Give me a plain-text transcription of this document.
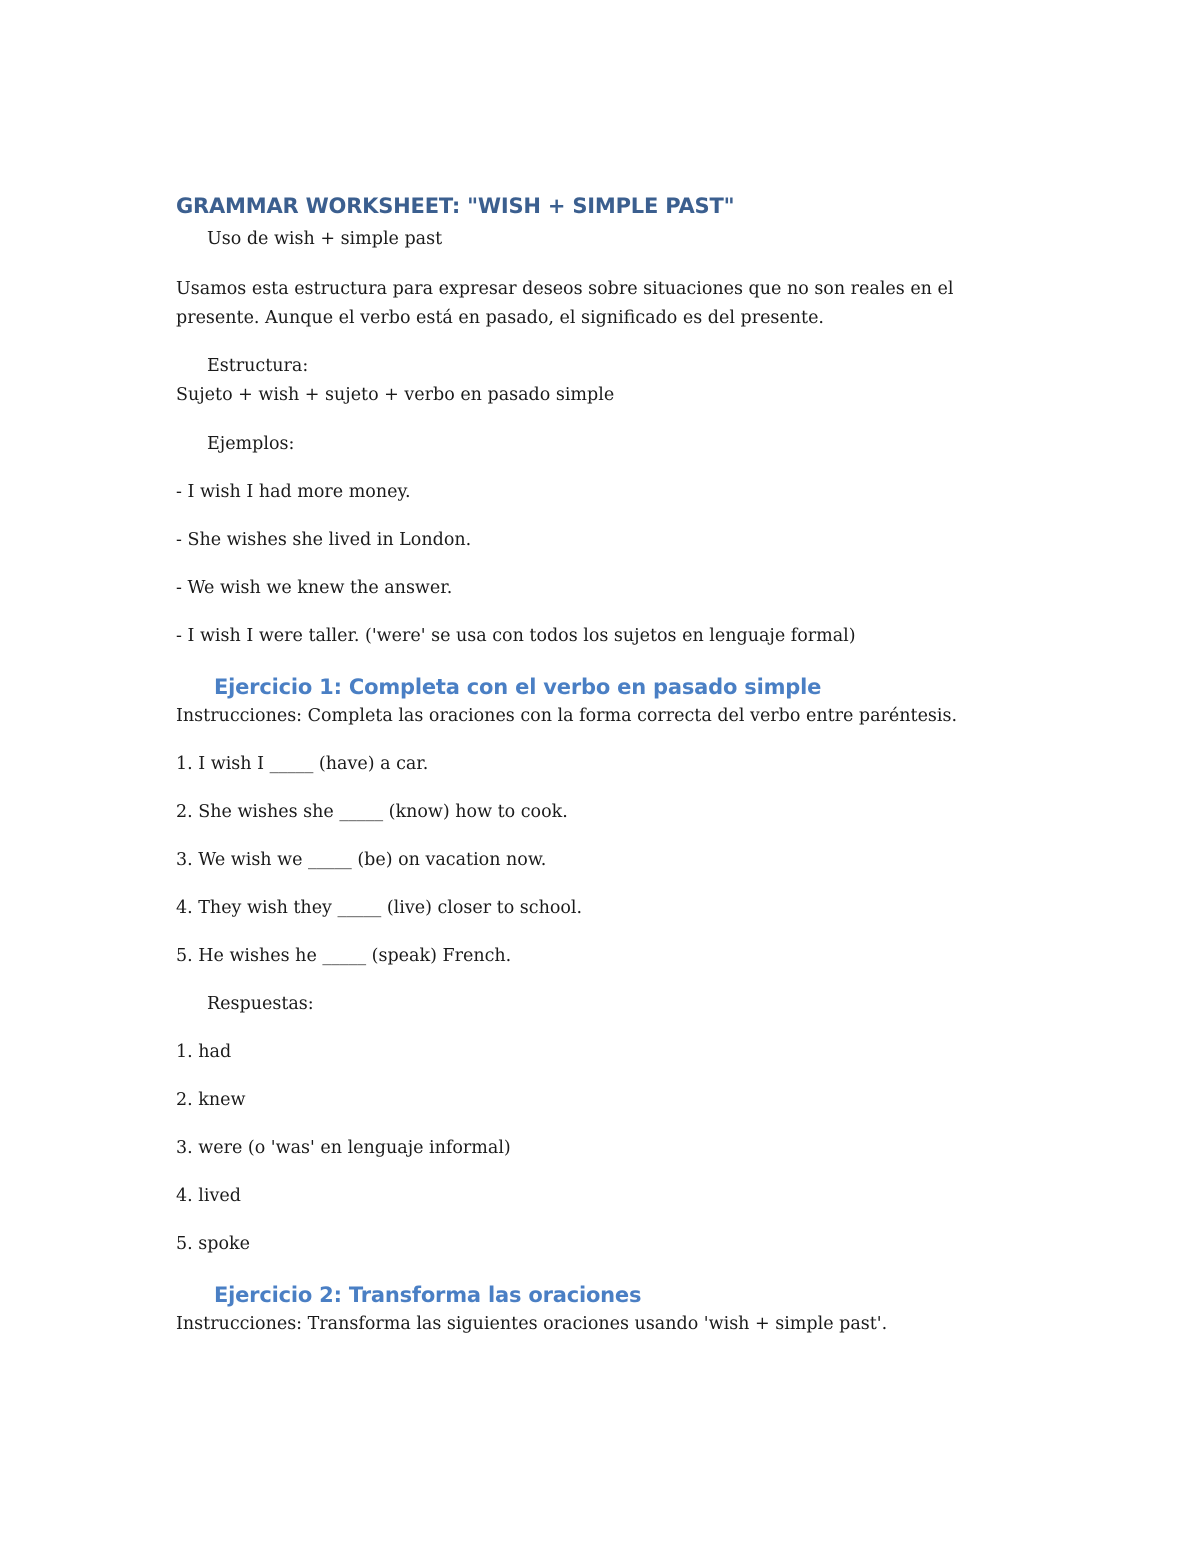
GRAMMAR WORKSHEET: "WISH + SIMPLE PAST"

Uso de wish + simple past

Usamos esta estructura para expresar deseos sobre situaciones que no son reales en el presente. Aunque el verbo está en pasado, el significado es del presente.

Estructura:

Sujeto + wish + sujeto + verbo en pasado simple

Ejemplos:

- I wish I had more money.

- She wishes she lived in London.

- We wish we knew the answer.

- I wish I were taller. ('were' se usa con todos los sujetos en lenguaje formal)

Ejercicio 1: Completa con el verbo en pasado simple

Instrucciones: Completa las oraciones con la forma correcta del verbo entre paréntesis.

1. I wish I _____ (have) a car.

2. She wishes she _____ (know) how to cook.

3. We wish we _____ (be) on vacation now.

4. They wish they _____ (live) closer to school.

5. He wishes he _____ (speak) French.

Respuestas:

1. had

2. knew

3. were (o 'was' en lenguaje informal)

4. lived

5. spoke

Ejercicio 2: Transforma las oraciones

Instrucciones: Transforma las siguientes oraciones usando 'wish + simple past'.
